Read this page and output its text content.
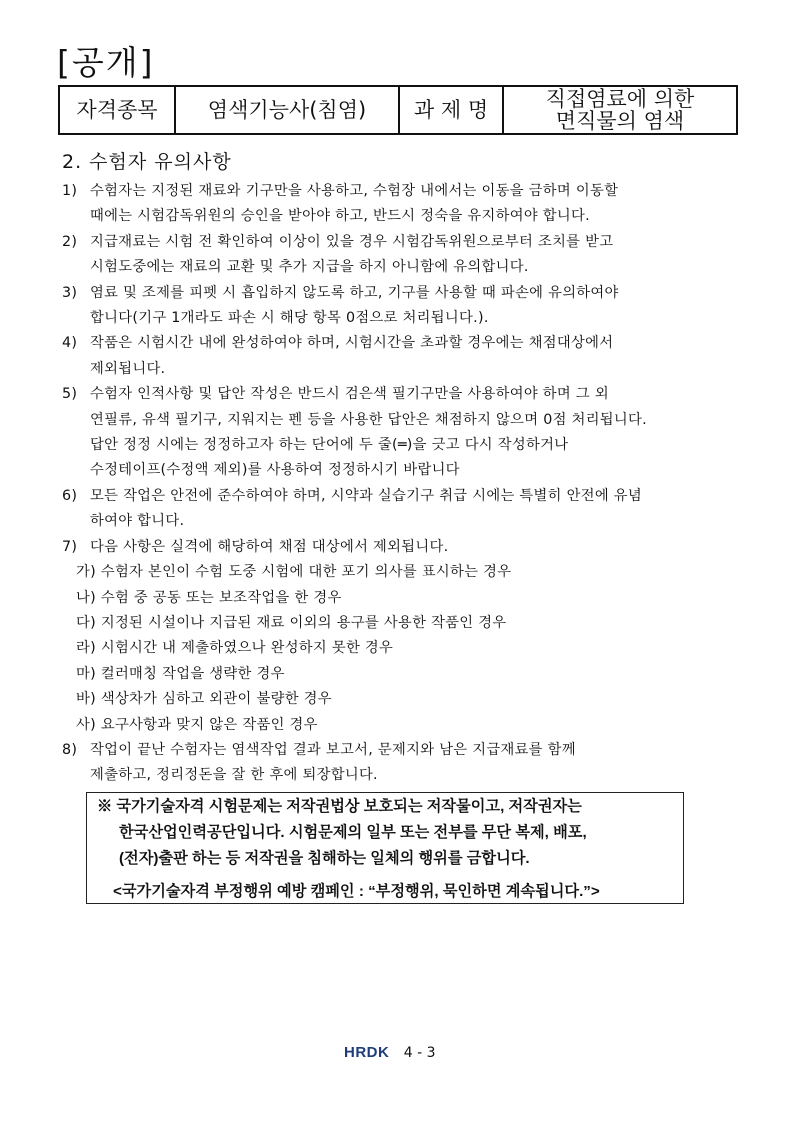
[공개]
자격종목	염색기능사(침염)	과 제 명	직접염료에 의한
면직물의 염색
2. 수험자 유의사항
1) 수험자는 지정된 재료와 기구만을 사용하고, 수험장 내에서는 이동을 금하며 이동할
때에는 시험감독위원의 승인을 받아야 하고, 반드시 정숙을 유지하여야 합니다.
2) 지급재료는 시험 전 확인하여 이상이 있을 경우 시험감독위원으로부터 조치를 받고
시험도중에는 재료의 교환 및 추가 지급을 하지 아니함에 유의합니다.
3) 염료 및 조제를 피펫 시 흡입하지 않도록 하고, 기구를 사용할 때 파손에 유의하여야
합니다(기구 1개라도 파손 시 해당 항목 0점으로 처리됩니다.).
4) 작품은 시험시간 내에 완성하여야 하며, 시험시간을 초과할 경우에는 채점대상에서
제외됩니다.
5) 수험자 인적사항 및 답안 작성은 반드시 검은색 필기구만을 사용하여야 하며 그 외
연필류, 유색 필기구, 지워지는 펜 등을 사용한 답안은 채점하지 않으며 0점 처리됩니다.
답안 정정 시에는 정정하고자 하는 단어에 두 줄(═)을 긋고 다시 작성하거나
수정테이프(수정액 제외)를 사용하여 정정하시기 바랍니다
6) 모든 작업은 안전에 준수하여야 하며, 시약과 실습기구 취급 시에는 특별히 안전에 유념
하여야 합니다.
7) 다음 사항은 실격에 해당하여 채점 대상에서 제외됩니다.
가) 수험자 본인이 수험 도중 시험에 대한 포기 의사를 표시하는 경우
나) 수험 중 공동 또는 보조작업을 한 경우
다) 지정된 시설이나 지급된 재료 이외의 용구를 사용한 작품인 경우
라) 시험시간 내 제출하였으나 완성하지 못한 경우
마) 컬러매칭 작업을 생략한 경우
바) 색상차가 심하고 외관이 불량한 경우
사) 요구사항과 맞지 않은 작품인 경우
8) 작업이 끝난 수험자는 염색작업 결과 보고서, 문제지와 남은 지급재료를 함께
제출하고, 정리정돈을 잘 한 후에 퇴장합니다.
※ 국가기술자격 시험문제는 저작권법상 보호되는 저작물이고, 저작권자는
한국산업인력공단입니다. 시험문제의 일부 또는 전부를 무단 복제, 배포,
(전자)출판 하는 등 저작권을 침해하는 일체의 행위를 금합니다.
<국가기술자격 부정행위 예방 캠페인 : “부정행위, 묵인하면 계속됩니다.”>
HRDK 4 - 3
